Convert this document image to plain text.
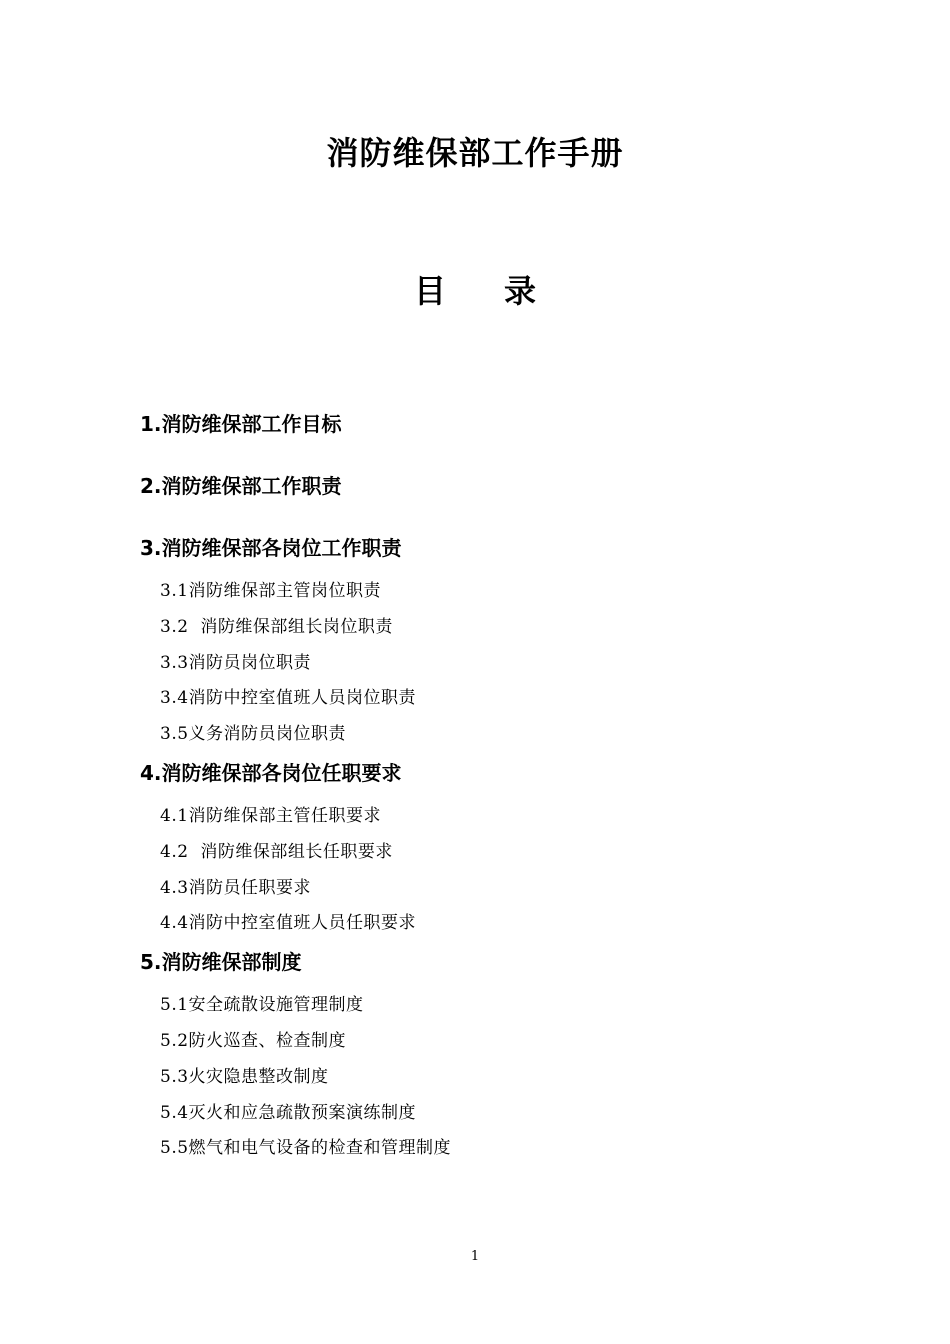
消防维保部工作手册
目 录
1.消防维保部工作目标
2.消防维保部工作职责
3.消防维保部各岗位工作职责
3.1消防维保部主管岗位职责
3.2  消防维保部组长岗位职责
3.3消防员岗位职责
3.4消防中控室值班人员岗位职责
3.5义务消防员岗位职责
4.消防维保部各岗位任职要求
4.1消防维保部主管任职要求
4.2  消防维保部组长任职要求
4.3消防员任职要求
4.4消防中控室值班人员任职要求
5.消防维保部制度
5.1安全疏散设施管理制度
5.2防火巡查、检查制度
5.3火灾隐患整改制度
5.4灭火和应急疏散预案演练制度
5.5燃气和电气设备的检查和管理制度
1
